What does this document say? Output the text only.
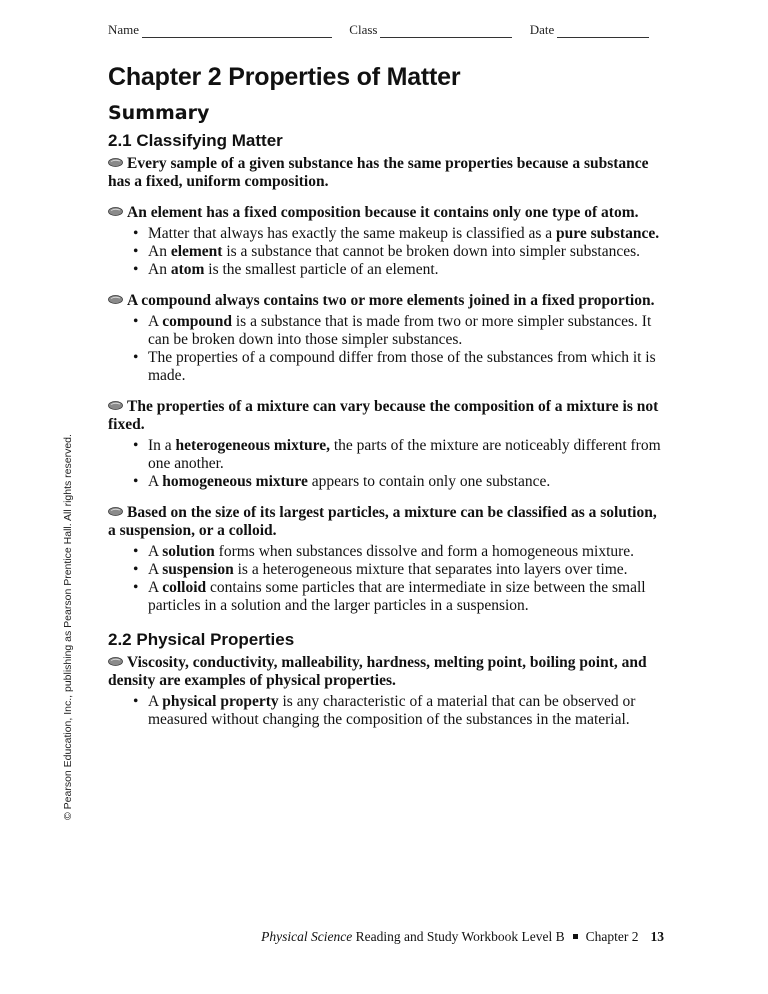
Name	Class	Date
© Pearson Education, Inc., publishing as Pearson Prentice Hall. All rights reserved.
Chapter 2 Properties of Matter
Summary
2.1 Classifying Matter

Every sample of a given substance has the same properties because a substance has a fixed, uniform composition.

An element has a fixed composition because it contains only one type of atom.

• Matter that always has exactly the same makeup is classified as a pure substance.
• An element is a substance that cannot be broken down into simpler substances.
• An atom is the smallest particle of an element.

A compound always contains two or more elements joined in a fixed proportion.

• A compound is a substance that is made from two or more simpler substances. It can be broken down into those simpler substances.
• The properties of a compound differ from those of the substances from which it is made.

The properties of a mixture can vary because the composition of a mixture is not fixed.

• In a heterogeneous mixture, the parts of the mixture are noticeably different from one another.
• A homogeneous mixture appears to contain only one substance.

Based on the size of its largest particles, a mixture can be classified as a solution, a suspension, or a colloid.

• A solution forms when substances dissolve and form a homogeneous mixture.
• A suspension is a heterogeneous mixture that separates into layers over time.
• A colloid contains some particles that are intermediate in size between the small particles in a solution and the larger particles in a suspension.
2.2 Physical Properties

Viscosity, conductivity, malleability, hardness, melting point, boiling point, and density are examples of physical properties.

• A physical property is any characteristic of a material that can be observed or measured without changing the composition of the substances in the material.
Physical Science Reading and Study Workbook Level B Chapter 2 13
